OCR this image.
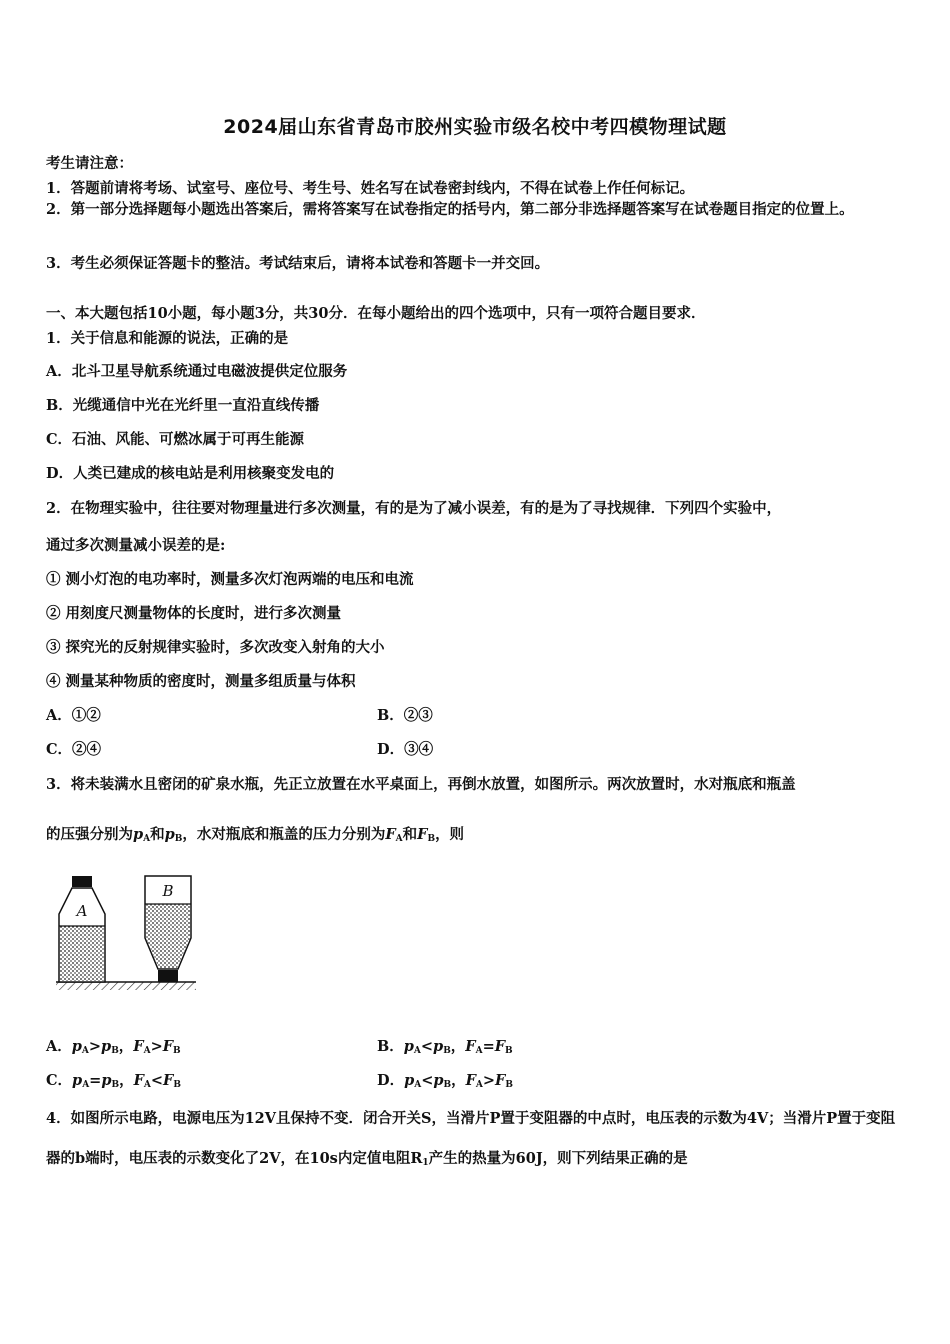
2024届山东省青岛市胶州实验市级名校中考四模物理试题
考生请注意：
1．答题前请将考场、试室号、座位号、考生号、姓名写在试卷密封线内，不得在试卷上作任何标记。
2．第一部分选择题每小题选出答案后，需将答案写在试卷指定的括号内，第二部分非选择题答案写在试卷题目指定的位置上。
3．考生必须保证答题卡的整洁。考试结束后，请将本试卷和答题卡一并交回。
一、本大题包括10小题，每小题3分，共30分．在每小题给出的四个选项中，只有一项符合题目要求．
1．关于信息和能源的说法，正确的是
A．北斗卫星导航系统通过电磁波提供定位服务
B．光缆通信中光在光纤里一直沿直线传播
C．石油、风能、可燃冰属于可再生能源
D．人类已建成的核电站是利用核聚变发电的
2．在物理实验中，往往要对物理量进行多次测量，有的是为了减小误差，有的是为了寻找规律．下列四个实验中，
通过多次测量减小误差的是:
① 测小灯泡的电功率时，测量多次灯泡两端的电压和电流
② 用刻度尺测量物体的长度时，进行多次测量
③ 探究光的反射规律实验时，多次改变入射角的大小
④ 测量某种物质的密度时，测量多组质量与体积
A．①②	B．②③
C．②④	D．③④
3．将未装满水且密闭的矿泉水瓶，先正立放置在水平桌面上，再倒水放置，如图所示。两次放置时，水对瓶底和瓶盖
的压强分别为$p_A$和$p_B$，水对瓶底和瓶盖的压力分别为$F_A$和$F_B$，则
A
B
A．$p_A>p_B$，$F_A>F_B$	B．$p_A<p_B$，$F_A=F_B$
C．$p_A=p_B$，$F_A<F_B$	D．$p_A<p_B$，$F_A>F_B$
4．如图所示电路，电源电压为12V且保持不变．闭合开关S，当滑片P置于变阻器的中点时，电压表的示数为4V；当滑片P置于变阻器的b端时，电压表的示数变化了2V，在10s内定值电阻$R_1$产生的热量为60J，则下列结果正确的是
